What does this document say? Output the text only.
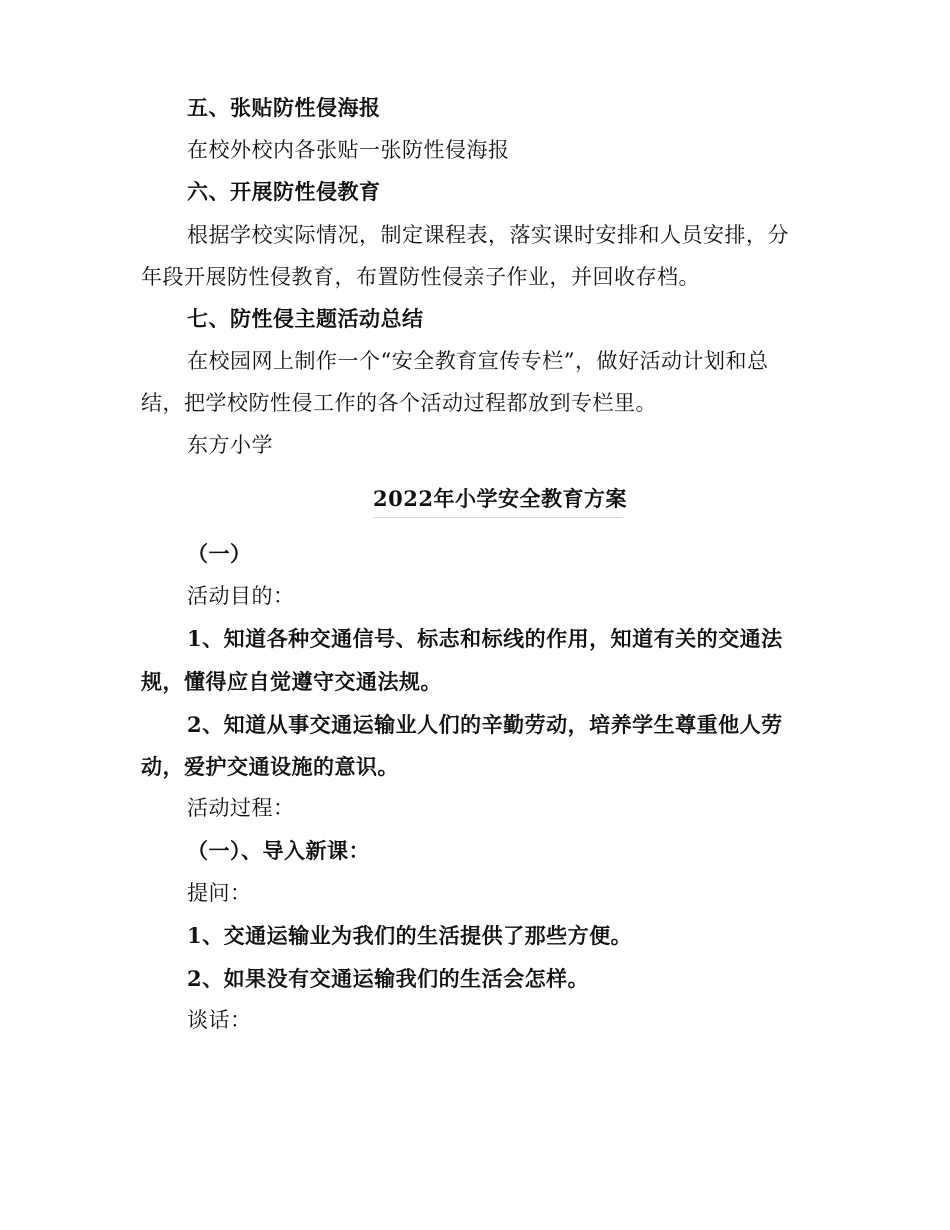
五、张贴防性侵海报

在校外校内各张贴一张防性侵海报

六、开展防性侵教育

根据学校实际情况，制定课程表，落实课时安排和人员安排，分

年段开展防性侵教育，布置防性侵亲子作业，并回收存档。

七、防性侵主题活动总结

在校园网上制作一个“安全教育宣传专栏”，做好活动计划和总

结，把学校防性侵工作的各个活动过程都放到专栏里。

东方小学

2022年小学安全教育方案

（一）

活动目的：

1、知道各种交通信号、标志和标线的作用，知道有关的交通法

规，懂得应自觉遵守交通法规。

2、知道从事交通运输业人们的辛勤劳动，培养学生尊重他人劳

动，爱护交通设施的意识。

活动过程：

（一）、导入新课：

提问：

1、交通运输业为我们的生活提供了那些方便。

2、如果没有交通运输我们的生活会怎样。

谈话：
